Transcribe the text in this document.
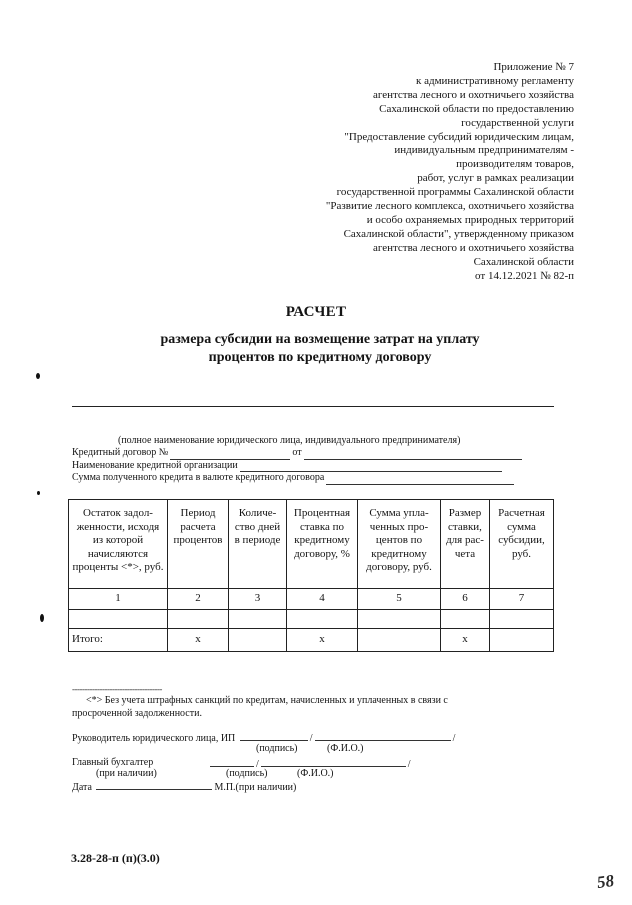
Приложение № 7
к административному регламенту
агентства лесного и охотничьего хозяйства
Сахалинской области по предоставлению
государственной услуги
"Предоставление субсидий юридическим лицам,
индивидуальным предпринимателям -
производителям товаров,
работ, услуг в рамках реализации
государственной программы Сахалинской области
"Развитие лесного комплекса, охотничьего хозяйства
и особо охраняемых природных территорий
Сахалинской области", утвержденному приказом
агентства лесного и охотничьего хозяйства
Сахалинской области
от 14.12.2021 № 82-п
РАСЧЕТ
размера субсидии на возмещение затрат на уплату
процентов по кредитному договору
(полное наименование юридического лица, индивидуального предпринимателя)
Кредитный договор №	от
Наименование кредитной организации
Сумма полученного кредита в валюте кредитного договора
Остаток задол-женности, исходя из которой начисляются проценты <*>, руб.	Период расчета процентов	Количе-ство дней в периоде	Процентная ставка по кредитному договору, %	Сумма упла-ченных про-центов по кредитному договору, руб.	Размер ставки, для рас-чета	Расчетная сумма субсидии, руб.
1	2	3	4	5	6	7

Итого:	х		х		х	
------------------------------------
<*> Без учета штрафных санкций по кредитам, начисленных и уплаченных в связи с просроченной задолженности.
Руководитель юридического лица, ИП	/	/
(подпись)	(Ф.И.О.)
Главный бухгалтер	/	/
(при наличии)	(подпись)	(Ф.И.О.)
Дата	М.П.(при наличии)
3.28-28-п (п)(3.0)
58
